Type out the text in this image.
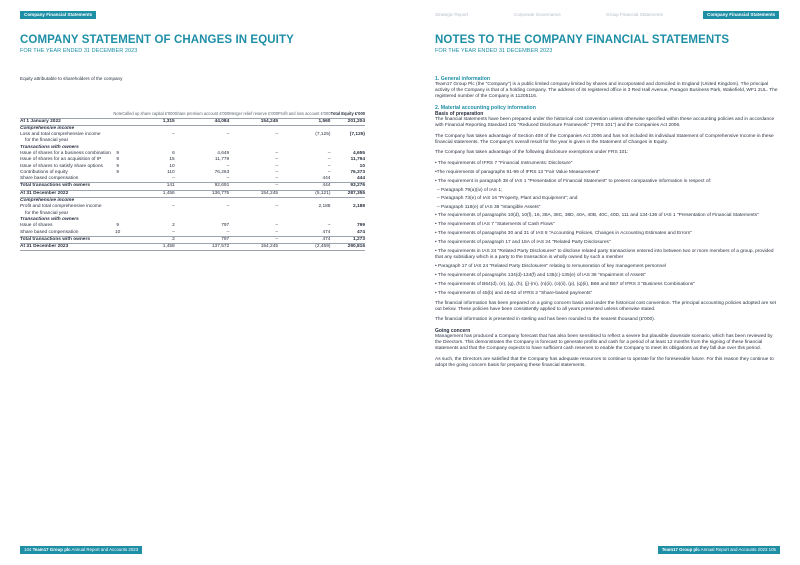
Company Financial Statements
COMPANY STATEMENT OF CHANGES IN EQUITY
FOR THE YEAR ENDED 31 DECEMBER 2023
Equity attributable to shareholders of the company
	Note	Called up share capital £'000	Share premium account £'000	Merger relief reserve £'000	Profit and loss account £'000	Total Equity £'000
At 1 January 2022		1,315	44,084	154,245	1,560	201,204
Comprehensive income						
Loss and total comprehensive income		–	–	–	(7,125)	(7,125)
for the financial year						
Transactions with owners						
Issue of shares for a business combination	9	6	4,649	–	–	4,655
Issue of shares for an acquisition of IP	9	15	11,779	–	–	11,794
Issue of shares to satisfy share options	9	10	–	–	–	10
Contributions of equity	9	110	76,263	–	–	76,373
Share based compensation		–	–	–	444	444
Total transactions with owners		141	92,691	–	444	93,276
At 31 December 2022		1,456	136,775	154,245	(5,121)	287,355
Comprehensive income						
Profit and total comprehensive income		–	–	–	2,188	2,188
for the financial year						
Transactions with owners						
Issue of shares	9	2	797	–	–	799
Share based compensation	10	–	–	–	474	474
Total transactions with owners		2	797	–	474	1,273
At 31 December 2023		1,458	137,572	154,245	(2,459)	290,816
104 Team17 Group plc Annual Report and Accounts 2023
Strategic Report	Corporate Governance	Group Financial Statements	Company Financial Statements
NOTES TO THE COMPANY FINANCIAL STATEMENTS
FOR THE YEAR ENDED 31 DECEMBER 2023
1. General information

Team17 Group Plc (the "Company") is a public limited company limited by shares and incorporated and domiciled in England (United Kingdom). The principal activity of the Company is that of a holding company. The address of its registered office is 3 Red Hall Avenue, Paragon Business Park, Wakefield, WF1 2UL. The registered number of the Company is 11205116.

2. Material accounting policy information
Basis of preparation

The financial statements have been prepared under the historical cost convention unless otherwise specified within these accounting policies and in accordance with Financial Reporting Standard 101 "Reduced Disclosure Framework" ("FRS 101") and the Companies Act 2006.

The Company has taken advantage of Section 408 of the Companies Act 2006 and has not included its individual Statement of Comprehensive Income in these financial statements. The Company's overall result for the year is given in the Statement of Changes in Equity.

The Company has taken advantage of the following disclosure exemptions under FRS 101:

• The requirements of IFRS 7 "Financial Instruments: Disclosure"
•The requirements of paragraphs 91-99 of IFRS 13 "Fair Value Measurement"
• The requirement in paragraph 38 of IAS 1 "Presentation of Financial Statement" to present comparative information in respect of:
– Paragraph 79(a)(iv) of IAS 1;
– Paragraph 73(e) of IAS 16 "Property, Plant and Equipment"; and
– Paragraph 118(e) of IAS 38 "Intangible Assets"
• The requirements of paragraphs 10(d), 10(f), 16, 38A, 38C, 38D, 40A, 40B, 40C, 40D, 111 and 134-136 of IAS 1 "Presentation of Financial Statements"
• The requirements of IAS 7 "Statements of Cash Flows"
• The requirements of paragraphs 30 and 31 of IAS 8 "Accounting Policies, Changes in Accounting Estimates and Errors"
• The requirements of paragraph 17 and 18A of IAS 24 "Related Party Disclosures"
• The requirements in IAS 24 "Related Party Disclosures" to disclose related party transactions entered into between two or more members of a group, provided that any subsidiary which is a party to the transaction is wholly owned by such a member
• Paragraph 17 of IAS 24 "Related Party Disclosures" relating to remuneration of key management personnel
• The requirements of paragraphs 134(d)-134(f) and 135(c)-135(e) of IAS 36 "Impairment of Assets"
• The requirements of B64(d), (e), (g), (h), (j)-(m), (n)(ii), (o)(ii), (p), (q)(ii), B66 and B67 of IFRS 3 "Business Combinations"
• The requirements of 45(b) and 46-52 of IFRS 2 "Share-based payments"

The financial information has been prepared on a going concern basis and under the historical cost convention. The principal accounting policies adopted are set out below. These policies have been consistently applied to all years presented unless otherwise stated.

The financial information is presented in sterling and has been rounded to the nearest thousand (£'000).

Going concern

Management has produced a Company forecast that has also been sensitised to reflect a severe but plausible downside scenario, which has been reviewed by the Directors. This demonstrates the Company is forecast to generate profits and cash for a period of at least 12 months from the signing of these financial statements and that the Company expects to have sufficient cash reserves to enable the Company to meet its obligations as they fall due over this period.

As such, the Directors are satisfied that the Company has adequate resources to continue to operate for the foreseeable future. For this reason they continue to adopt the going concern basis for preparing these financial statements.

Team17 Group plc Annual Report and Accounts 2023 105
